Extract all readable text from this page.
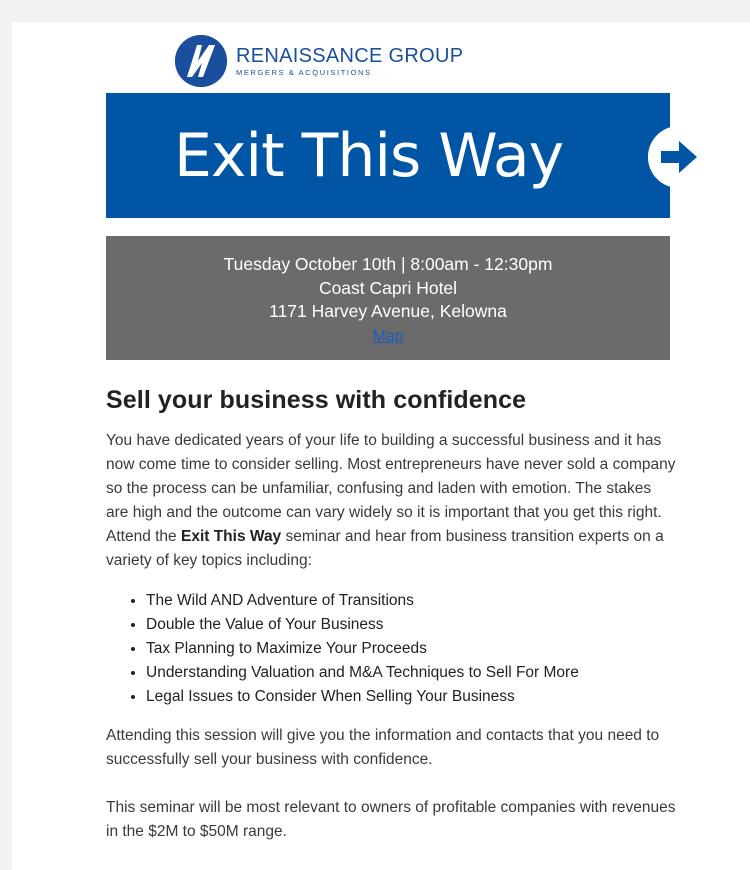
RENAISSANCE GROUP
MERGERS & ACQUISITIONS
Exit This Way
Tuesday October 10th | 8:00am - 12:30pm
Coast Capri Hotel
1171 Harvey Avenue, Kelowna
Map
Sell your business with confidence

You have dedicated years of your life to building a successful business and it has now come time to consider selling. Most entrepreneurs have never sold a company so the process can be unfamiliar, confusing and laden with emotion. The stakes are high and the outcome can vary widely so it is important that you get this right. Attend the Exit This Way seminar and hear from business transition experts on a variety of key topics including:

• The Wild AND Adventure of Transitions
• Double the Value of Your Business
• Tax Planning to Maximize Your Proceeds
• Understanding Valuation and M&A Techniques to Sell For More
• Legal Issues to Consider When Selling Your Business

Attending this session will give you the information and contacts that you need to successfully sell your business with confidence.

This seminar will be most relevant to owners of profitable companies with revenues in the $2M to $50M range.
